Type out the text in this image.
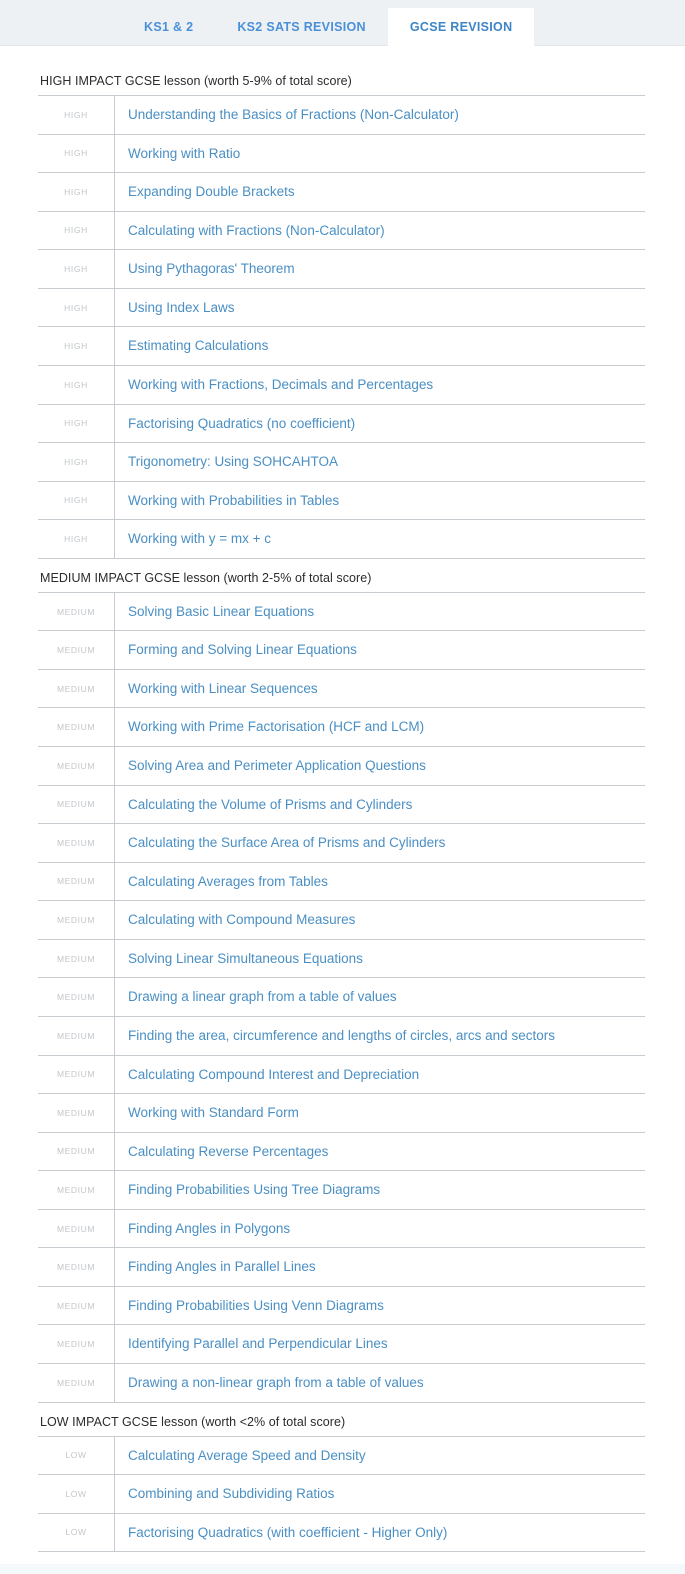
KS1 & 2	KS2 SATS REVISION	GCSE REVISION
HIGH IMPACT GCSE lesson (worth 5-9% of total score)
HIGH	Understanding the Basics of Fractions (Non-Calculator)
HIGH	Working with Ratio
HIGH	Expanding Double Brackets
HIGH	Calculating with Fractions (Non-Calculator)
HIGH	Using Pythagoras' Theorem
HIGH	Using Index Laws
HIGH	Estimating Calculations
HIGH	Working with Fractions, Decimals and Percentages
HIGH	Factorising Quadratics (no coefficient)
HIGH	Trigonometry: Using SOHCAHTOA
HIGH	Working with Probabilities in Tables
HIGH	Working with y = mx + c
MEDIUM IMPACT GCSE lesson (worth 2-5% of total score)
MEDIUM	Solving Basic Linear Equations
MEDIUM	Forming and Solving Linear Equations
MEDIUM	Working with Linear Sequences
MEDIUM	Working with Prime Factorisation (HCF and LCM)
MEDIUM	Solving Area and Perimeter Application Questions
MEDIUM	Calculating the Volume of Prisms and Cylinders
MEDIUM	Calculating the Surface Area of Prisms and Cylinders
MEDIUM	Calculating Averages from Tables
MEDIUM	Calculating with Compound Measures
MEDIUM	Solving Linear Simultaneous Equations
MEDIUM	Drawing a linear graph from a table of values
MEDIUM	Finding the area, circumference and lengths of circles, arcs and sectors
MEDIUM	Calculating Compound Interest and Depreciation
MEDIUM	Working with Standard Form
MEDIUM	Calculating Reverse Percentages
MEDIUM	Finding Probabilities Using Tree Diagrams
MEDIUM	Finding Angles in Polygons
MEDIUM	Finding Angles in Parallel Lines
MEDIUM	Finding Probabilities Using Venn Diagrams
MEDIUM	Identifying Parallel and Perpendicular Lines
MEDIUM	Drawing a non-linear graph from a table of values
LOW IMPACT GCSE lesson (worth <2% of total score)
LOW	Calculating Average Speed and Density
LOW	Combining and Subdividing Ratios
LOW	Factorising Quadratics (with coefficient - Higher Only)
